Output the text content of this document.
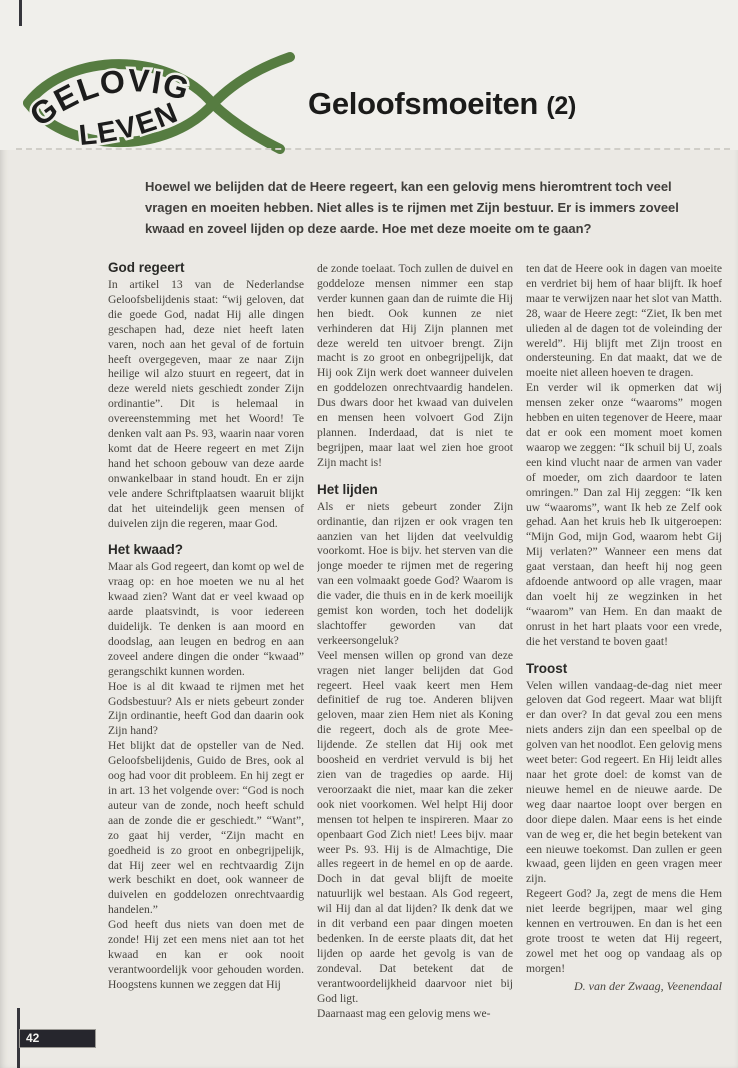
GELOVIG
LEVEN	Geloofsmoeiten (2)

Hoewel we belijden dat de Heere regeert, kan een gelovig mens hieromtrent toch veel vragen en moeiten hebben. Niet alles is te rijmen met Zijn bestuur. Er is immers zoveel kwaad en zoveel lijden op deze aarde. Hoe met deze moeite om te gaan?

God regeert

In artikel 13 van de Nederlandse Geloofsbelijdenis staat: “wij geloven, dat die goede God, nadat Hij alle dingen geschapen had, deze niet heeft laten varen, noch aan het geval of de fortuin heeft overgegeven, maar ze naar Zijn heilige wil alzo stuurt en regeert, dat in deze wereld niets geschiedt zonder Zijn ordinantie”. Dit is helemaal in overeenstemming met het Woord! Te denken valt aan Ps. 93, waarin naar voren komt dat de Heere regeert en met Zijn hand het schoon gebouw van deze aarde onwankelbaar in stand houdt. En er zijn vele andere Schriftplaatsen waaruit blijkt dat het uiteindelijk geen mensen of duivelen zijn die regeren, maar God.

Het kwaad?

Maar als God regeert, dan komt op wel de vraag op: en hoe moeten we nu al het kwaad zien? Want dat er veel kwaad op aarde plaatsvindt, is voor iedereen duidelijk. Te denken is aan moord en doodslag, aan leugen en bedrog en aan zoveel andere dingen die onder “kwaad” gerangschikt kunnen worden.

Hoe is al dit kwaad te rijmen met het Godsbestuur? Als er niets gebeurt zonder Zijn ordinantie, heeft God dan daarin ook Zijn hand?

Het blijkt dat de opsteller van de Ned. Geloofsbelijdenis, Guido de Bres, ook al oog had voor dit probleem. En hij zegt er in art. 13 het volgende over: “God is noch auteur van de zonde, noch heeft schuld aan de zonde die er geschiedt.” “Want”, zo gaat hij verder, “Zijn macht en goedheid is zo groot en onbegrijpelijk, dat Hij zeer wel en rechtvaardig Zijn werk beschikt en doet, ook wanneer de duivelen en goddelozen onrechtvaardig handelen.”

God heeft dus niets van doen met de zonde! Hij zet een mens niet aan tot het kwaad en kan er ook nooit verantwoordelijk voor gehouden worden. Hoogstens kunnen we zeggen dat Hij

de zonde toelaat. Toch zullen de duivel en goddeloze mensen nimmer een stap verder kunnen gaan dan de ruimte die Hij hen biedt. Ook kunnen ze niet verhinderen dat Hij Zijn plannen met deze wereld ten uitvoer brengt. Zijn macht is zo groot en onbegrijpelijk, dat Hij ook Zijn werk doet wanneer duivelen en goddelozen onrechtvaardig handelen. Dus dwars door het kwaad van duivelen en mensen heen volvoert God Zijn plannen. Inderdaad, dat is niet te begrijpen, maar laat wel zien hoe groot Zijn macht is!

Het lijden

Als er niets gebeurt zonder Zijn ordinantie, dan rijzen er ook vragen ten aanzien van het lijden dat veelvuldig voorkomt. Hoe is bijv. het sterven van die jonge moeder te rijmen met de regering van een volmaakt goede God? Waarom is die vader, die thuis en in de kerk moeilijk gemist kon worden, toch het dodelijk slachtoffer geworden van dat verkeersongeluk?

Veel mensen willen op grond van deze vragen niet langer belijden dat God regeert. Heel vaak keert men Hem definitief de rug toe. Anderen blijven geloven, maar zien Hem niet als Koning die regeert, doch als de grote Mee-lijdende. Ze stellen dat Hij ook met boosheid en verdriet vervuld is bij het zien van de tragedies op aarde. Hij veroorzaakt die niet, maar kan die zeker ook niet voorkomen. Wel helpt Hij door mensen tot helpen te inspireren. Maar zo openbaart God Zich niet! Lees bijv. maar weer Ps. 93. Hij is de Almachtige, Die alles regeert in de hemel en op de aarde. Doch in dat geval blijft de moeite natuurlijk wel bestaan. Als God regeert, wil Hij dan al dat lijden? Ik denk dat we in dit verband een paar dingen moeten bedenken. In de eerste plaats dit, dat het lijden op aarde het gevolg is van de zondeval. Dat betekent dat de verantwoordelijkheid daarvoor niet bij God ligt.

Daarnaast mag een gelovig mens we-

ten dat de Heere ook in dagen van moeite en verdriet bij hem of haar blijft. Ik hoef maar te verwijzen naar het slot van Matth. 28, waar de Heere zegt: “Ziet, Ik ben met ulieden al de dagen tot de voleinding der wereld”. Hij blijft met Zijn troost en ondersteuning. En dat maakt, dat we de moeite niet alleen hoeven te dragen.

En verder wil ik opmerken dat wij mensen zeker onze “waaroms” mogen hebben en uiten tegenover de Heere, maar dat er ook een moment moet komen waarop we zeggen: “Ik schuil bij U, zoals een kind vlucht naar de armen van vader of moeder, om zich daardoor te laten omringen.” Dan zal Hij zeggen: “Ik ken uw “waaroms”, want Ik heb ze Zelf ook gehad. Aan het kruis heb Ik uitgeroepen: “Mijn God, mijn God, waarom hebt Gij Mij verlaten?” Wanneer een mens dat gaat verstaan, dan heeft hij nog geen afdoende antwoord op alle vragen, maar dan voelt hij ze wegzinken in het “waarom” van Hem. En dan maakt de onrust in het hart plaats voor een vrede, die het verstand te boven gaat!

Troost

Velen willen vandaag-de-dag niet meer geloven dat God regeert. Maar wat blijft er dan over? In dat geval zou een mens niets anders zijn dan een speelbal op de golven van het noodlot. Een gelovig mens weet beter: God regeert. En Hij leidt alles naar het grote doel: de komst van de nieuwe hemel en de nieuwe aarde. De weg daar naartoe loopt over bergen en door diepe dalen. Maar eens is het einde van de weg er, die het begin betekent van een nieuwe toekomst. Dan zullen er geen kwaad, geen lijden en geen vragen meer zijn.

Regeert God? Ja, zegt de mens die Hem niet leerde begrijpen, maar wel ging kennen en vertrouwen. En dan is het een grote troost te weten dat Hij regeert, zowel met het oog op vandaag als op morgen!

D. van der Zwaag, Veenendaal

42
